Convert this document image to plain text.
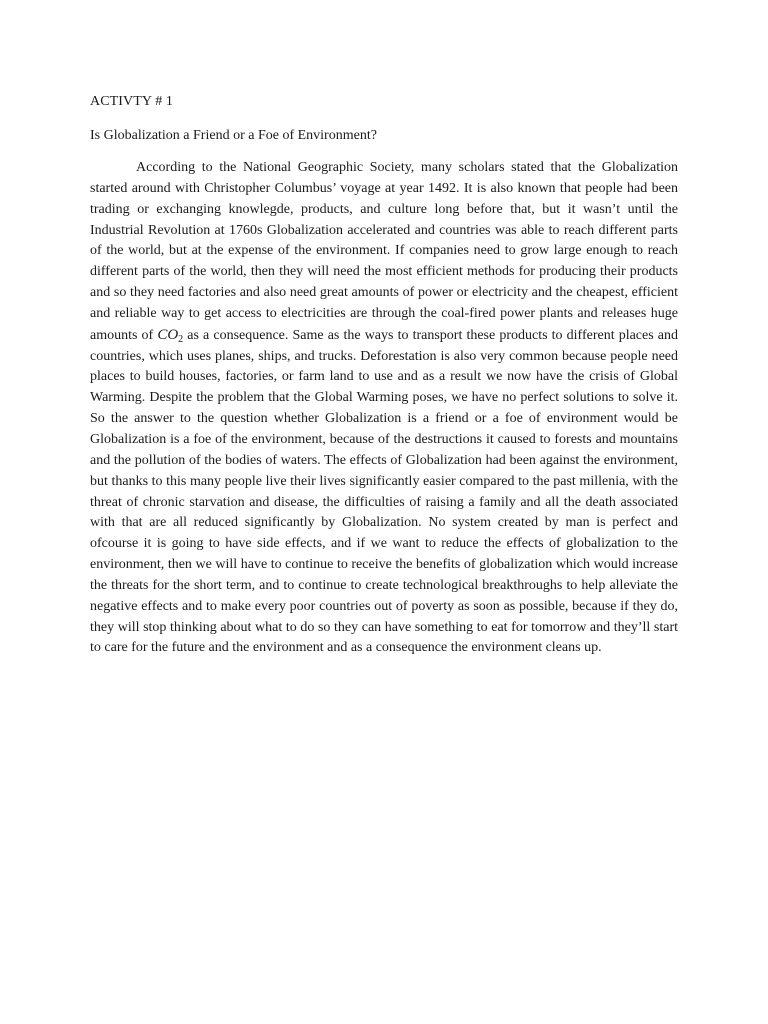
ACTIVTY # 1
Is Globalization a Friend or a Foe of Environment?

According to the National Geographic Society, many scholars stated that the Globalization started around with Christopher Columbus’ voyage at year 1492. It is also known that people had been trading or exchanging knowlegde, products, and culture long before that, but it wasn’t until the Industrial Revolution at 1760s Globalization accelerated and countries was able to reach different parts of the world, but at the expense of the environment. If companies need to grow large enough to reach different parts of the world, then they will need the most efficient methods for producing their products and so they need factories and also need great amounts of power or electricity and the cheapest, efficient and reliable way to get access to electricities are through the coal-fired power plants and releases huge amounts of $CO_2$ as a consequence. Same as the ways to transport these products to different places and countries, which uses planes, ships, and trucks. Deforestation is also very common because people need places to build houses, factories, or farm land to use and as a result we now have the crisis of Global Warming. Despite the problem that the Global Warming poses, we have no perfect solutions to solve it. So the answer to the question whether Globalization is a friend or a foe of environment would be Globalization is a foe of the environment, because of the destructions it caused to forests and mountains and the pollution of the bodies of waters. The effects of Globalization had been against the environment, but thanks to this many people live their lives significantly easier compared to the past millenia, with the threat of chronic starvation and disease, the difficulties of raising a family and all the death associated with that are all reduced significantly by Globalization. No system created by man is perfect and ofcourse it is going to have side effects, and if we want to reduce the effects of globalization to the environment, then we will have to continue to receive the benefits of globalization which would increase the threats for the short term, and to continue to create technological breakthroughs to help alleviate the negative effects and to make every poor countries out of poverty as soon as possible, because if they do, they will stop thinking about what to do so they can have something to eat for tomorrow and they’ll start to care for the future and the environment and as a consequence the environment cleans up.
